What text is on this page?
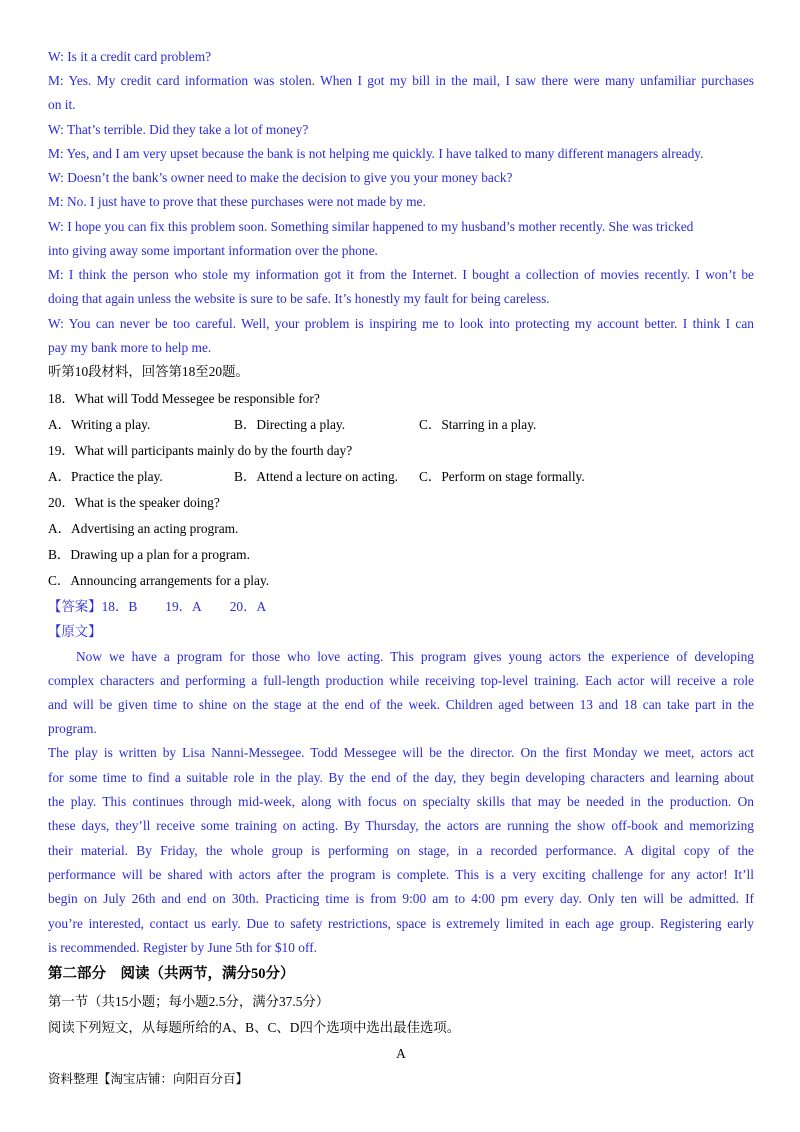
W: Is it a credit card problem?
M: Yes. My credit card information was stolen. When I got my bill in the mail, I saw there were many unfamiliar purchases
on it.
W: That’s terrible. Did they take a lot of money?
M: Yes, and I am very upset because the bank is not helping me quickly. I have talked to many different managers already.
W: Doesn’t the bank’s owner need to make the decision to give you your money back?
M: No. I just have to prove that these purchases were not made by me.
W: I hope you can fix this problem soon. Something similar happened to my husband’s mother recently. She was tricked
into giving away some important information over the phone.
M: I think the person who stole my information got it from the Internet. I bought a collection of movies recently. I won’t be
doing that again unless the website is sure to be safe. It’s honestly my fault for being careless.
W: You can never be too careful. Well, your problem is inspiring me to look into protecting my account better. I think I can
pay my bank more to help me.
听第10段材料，回答第18至20题。
18．What will Todd Messegee be responsible for?
A．Writing a play.	B．Directing a play.	C．Starring in a play.
19．What will participants mainly do by the fourth day?
A．Practice the play.	B．Attend a lecture on acting. C．Perform on stage formally.
20．What is the speaker doing?
A．Advertising an acting program.
B．Drawing up a plan for a program.
C．Announcing arrangements for a play.
【答案】18．B 19．A 20．A
【原文】
Now we have a program for those who love acting. This program gives young actors the experience of developing
complex characters and performing a full-length production while receiving top-level training. Each actor will receive a role
and will be given time to shine on the stage at the end of the week. Children aged between 13 and 18 can take part in the
program.
The play is written by Lisa Nanni-Messegee. Todd Messegee will be the director. On the first Monday we meet, actors act
for some time to find a suitable role in the play. By the end of the day, they begin developing characters and learning about
the play. This continues through mid-week, along with focus on specialty skills that may be needed in the production. On
these days, they’ll receive some training on acting. By Thursday, the actors are running the show off-book and memorizing
their material. By Friday, the whole group is performing on stage, in a recorded performance. A digital copy of the
performance will be shared with actors after the program is complete. This is a very exciting challenge for any actor! It’ll
begin on July 26th and end on 30th. Practicing time is from 9:00 am to 4:00 pm every day. Only ten will be admitted. If
you’re interested, contact us early. Due to safety restrictions, space is extremely limited in each age group. Registering early
is recommended. Register by June 5th for $10 off.
第二部分　阅读（共两节，满分50分）
第一节（共15小题；每小题2.5分，满分37.5分）
阅读下列短文，从每题所给的A、B、C、D四个选项中选出最佳选项。
A
资料整理【淘宝店铺：向阳百分百】
